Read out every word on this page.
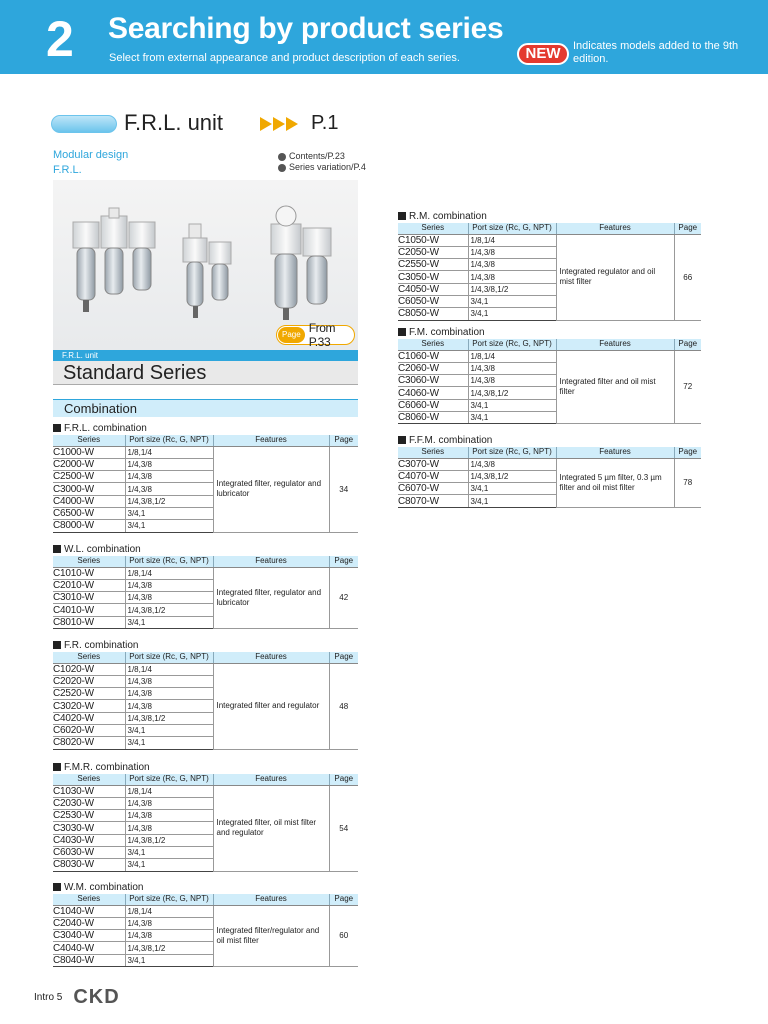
2 Searching by product series
Select from external appearance and product description of each series.	NEW	Indicates models added to the 9th edition.
F.R.L. unit	P.1
Modular design
F.R.L.
Contents/P.23
Series variation/P.4
Page From P.33
F.R.L. unit
Standard Series
Combination
F.R.L. combination
Series	Port size (Rc, G, NPT)	Features	Page
C1000-W	1/8,1/4	Integrated filter, regulator and lubricator	34
C2000-W	1/4,3/8		
C2500-W	1/4,3/8		
C3000-W	1/4,3/8		
C4000-W	1/4,3/8,1/2		
C6500-W	3/4,1		
C8000-W	3/4,1		
W.L. combination
Series	Port size (Rc, G, NPT)	Features	Page
C1010-W	1/8,1/4	Integrated filter, regulator and lubricator	42
C2010-W	1/4,3/8		
C3010-W	1/4,3/8		
C4010-W	1/4,3/8,1/2		
C8010-W	3/4,1		
F.R. combination
Series	Port size (Rc, G, NPT)	Features	Page
C1020-W	1/8,1/4	Integrated filter and regulator	48
C2020-W	1/4,3/8		
C2520-W	1/4,3/8		
C3020-W	1/4,3/8		
C4020-W	1/4,3/8,1/2		
C6020-W	3/4,1		
C8020-W	3/4,1		
F.M.R. combination
Series	Port size (Rc, G, NPT)	Features	Page
C1030-W	1/8,1/4	Integrated filter, oil mist filter and regulator	54
C2030-W	1/4,3/8		
C2530-W	1/4,3/8		
C3030-W	1/4,3/8		
C4030-W	1/4,3/8,1/2		
C6030-W	3/4,1		
C8030-W	3/4,1		
W.M. combination
Series	Port size (Rc, G, NPT)	Features	Page
C1040-W	1/8,1/4	Integrated filter/regulator and oil mist filter	60
C2040-W	1/4,3/8		
C3040-W	1/4,3/8		
C4040-W	1/4,3/8,1/2		
C8040-W	3/4,1		
R.M. combination
Series	Port size (Rc, G, NPT)	Features	Page
C1050-W	1/8,1/4	Integrated regulator and oil mist filter	66
C2050-W	1/4,3/8		
C2550-W	1/4,3/8		
C3050-W	1/4,3/8		
C4050-W	1/4,3/8,1/2		
C6050-W	3/4,1		
C8050-W	3/4,1		
F.M. combination
Series	Port size (Rc, G, NPT)	Features	Page
C1060-W	1/8,1/4	Integrated filter and oil mist filter	72
C2060-W	1/4,3/8		
C3060-W	1/4,3/8		
C4060-W	1/4,3/8,1/2		
C6060-W	3/4,1		
C8060-W	3/4,1		
F.F.M. combination
Series	Port size (Rc, G, NPT)	Features	Page
C3070-W	1/4,3/8	Integrated 5 µm filter, 0.3 µm filter and oil mist filter	78
C4070-W	1/4,3/8,1/2		
C6070-W	3/4,1		
C8070-W	3/4,1		
Intro 5 CKD
